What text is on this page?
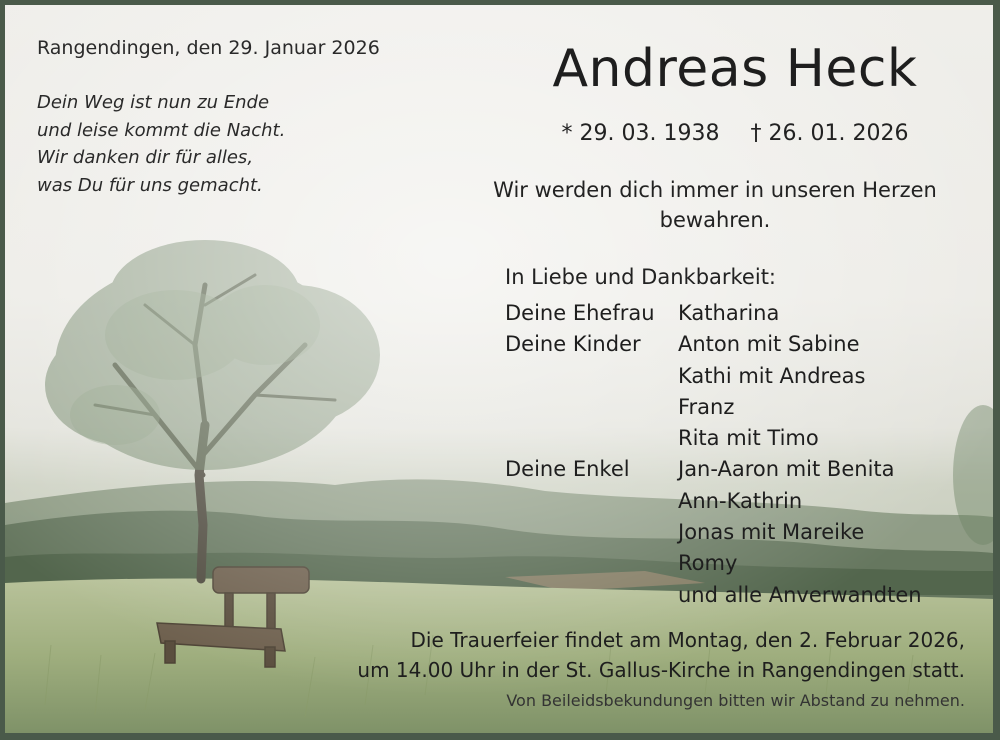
Rangendingen, den 29. Januar 2026
Dein Weg ist nun zu Ende
und leise kommt die Nacht.
Wir danken dir für alles,
was Du für uns gemacht.
Andreas Heck
* 29. 03. 1938 † 26. 01. 2026
Wir werden dich immer in unseren Herzen bewahren.
In Liebe und Dankbarkeit:
Deine Ehefrau Katharina
Deine Kinder Anton mit Sabine
Kathi mit Andreas
Franz
Rita mit Timo
Deine Enkel Jan-Aaron mit Benita
Ann-Kathrin
Jonas mit Mareike
Romy
und alle Anverwandten
Die Trauerfeier findet am Montag, den 2. Februar 2026,
um 14.00 Uhr in der St. Gallus-Kirche in Rangendingen statt.
Von Beileidsbekundungen bitten wir Abstand zu nehmen.
